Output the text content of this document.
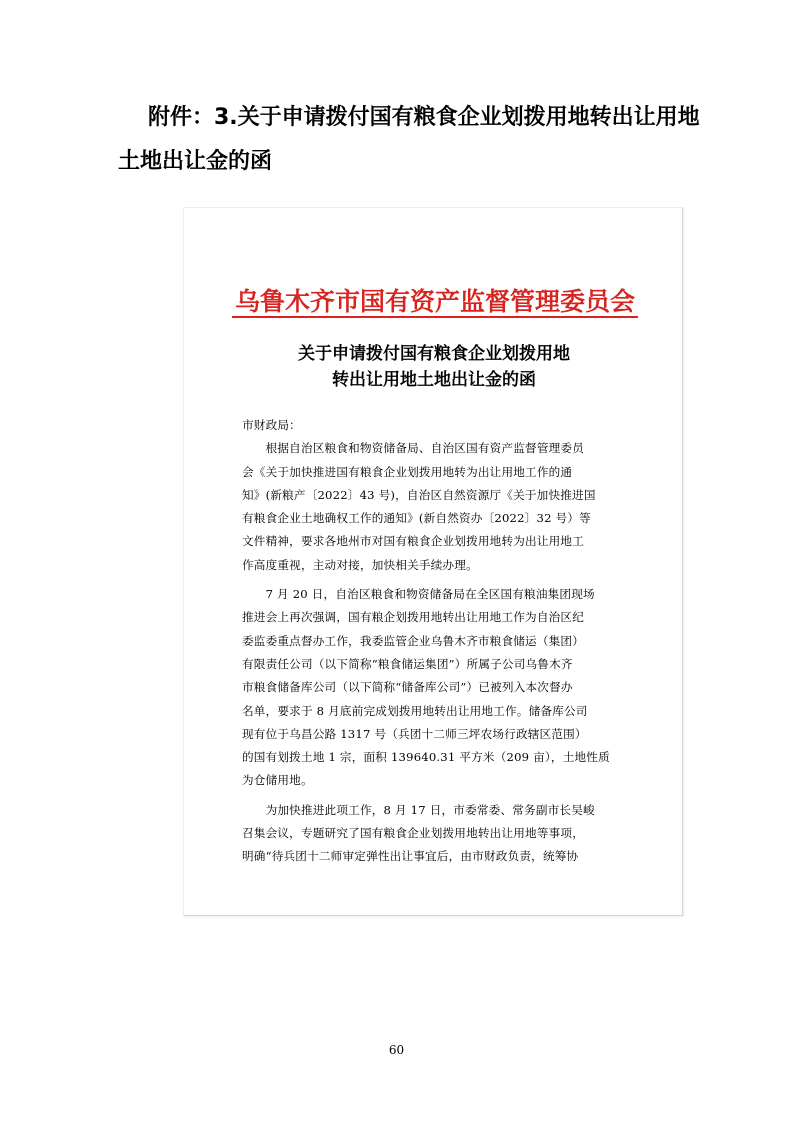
附件：3.关于申请拨付国有粮食企业划拨用地转出让用地
土地出让金的函
乌鲁木齐市国有资产监督管理委员会
关于申请拨付国有粮食企业划拨用地
转出让用地土地出让金的函
市财政局：
　　根据自治区粮食和物资储备局、自治区国有资产监督管理委员
会《关于加快推进国有粮食企业划拨用地转为出让用地工作的通
知》(新粮产〔2022〕43 号)，自治区自然资源厅《关于加快推进国
有粮食企业土地确权工作的通知》(新自然资办〔2022〕32 号）等
文件精神，要求各地州市对国有粮食企业划拨用地转为出让用地工
作高度重视，主动对接，加快相关手续办理。
　　7 月 20 日，自治区粮食和物资储备局在全区国有粮油集团现场
推进会上再次强调，国有粮企划拨用地转出让用地工作为自治区纪
委监委重点督办工作，我委监管企业乌鲁木齐市粮食储运（集团）
有限责任公司（以下简称“粮食储运集团”）所属子公司乌鲁木齐
市粮食储备库公司（以下简称“储备库公司”）已被列入本次督办
名单，要求于 8 月底前完成划拨用地转出让用地工作。储备库公司
现有位于乌昌公路 1317 号（兵团十二师三坪农场行政辖区范围）
的国有划拨土地 1 宗，面积 139640.31 平方米（209 亩），土地性质
为仓储用地。
　　为加快推进此项工作，8 月 17 日，市委常委、常务副市长吴峻
召集会议，专题研究了国有粮食企业划拨用地转出让用地等事项，
明确“待兵团十二师审定弹性出让事宜后，由市财政负责，统筹协
60
